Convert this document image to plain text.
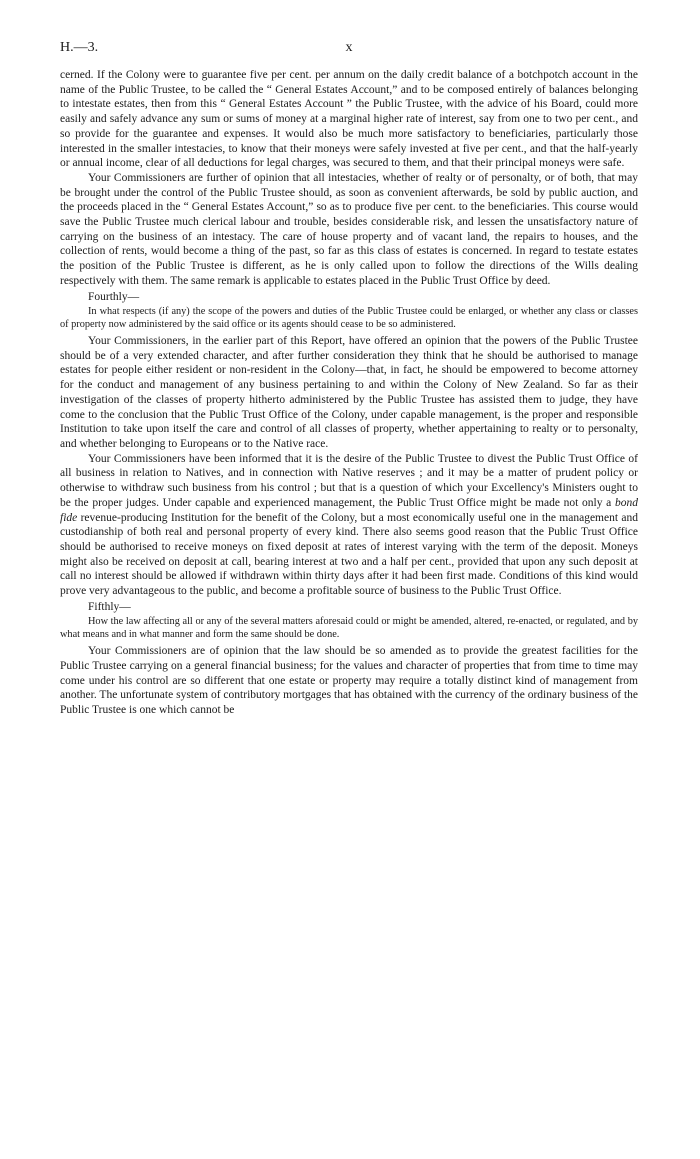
H.—3.	x

cerned. If the Colony were to guarantee five per cent. per annum on the daily credit balance of a botchpotch account in the name of the Public Trustee, to be called the “ General Estates Account,” and to be composed entirely of balances belonging to intestate estates, then from this “ General Estates Account ” the Public Trustee, with the advice of his Board, could more easily and safely advance any sum or sums of money at a marginal higher rate of interest, say from one to two per cent., and so provide for the guarantee and expenses. It would also be much more satisfactory to beneficiaries, particularly those interested in the smaller intestacies, to know that their moneys were safely invested at five per cent., and that the half-yearly or annual income, clear of all deductions for legal charges, was secured to them, and that their principal moneys were safe.

Your Commissioners are further of opinion that all intestacies, whether of realty or of personalty, or of both, that may be brought under the control of the Public Trustee should, as soon as convenient afterwards, be sold by public auction, and the proceeds placed in the “ General Estates Account,” so as to produce five per cent. to the beneficiaries. This course would save the Public Trustee much clerical labour and trouble, besides considerable risk, and lessen the unsatisfactory nature of carrying on the business of an intestacy. The care of house property and of vacant land, the repairs to houses, and the collection of rents, would become a thing of the past, so far as this class of estates is concerned. In regard to testate estates the position of the Public Trustee is different, as he is only called upon to follow the directions of the Wills dealing respectively with them. The same remark is applicable to estates placed in the Public Trust Office by deed.

Fourthly—

In what respects (if any) the scope of the powers and duties of the Public Trustee could be enlarged, or whether any class or classes of property now administered by the said office or its agents should cease to be so administered.

Your Commissioners, in the earlier part of this Report, have offered an opinion that the powers of the Public Trustee should be of a very extended character, and after further consideration they think that he should be authorised to manage estates for people either resident or non-resident in the Colony—that, in fact, he should be empowered to become attorney for the conduct and management of any business pertaining to and within the Colony of New Zealand. So far as their investigation of the classes of property hitherto administered by the Public Trustee has assisted them to judge, they have come to the conclusion that the Public Trust Office of the Colony, under capable management, is the proper and responsible Institution to take upon itself the care and control of all classes of property, whether appertaining to realty or to personalty, and whether belonging to Europeans or to the Native race.

Your Commissioners have been informed that it is the desire of the Public Trustee to divest the Public Trust Office of all business in relation to Natives, and in connection with Native reserves ; and it may be a matter of prudent policy or otherwise to withdraw such business from his control ; but that is a question of which your Excellency's Ministers ought to be the proper judges. Under capable and experienced management, the Public Trust Office might be made not only a bond fide revenue-producing Institution for the benefit of the Colony, but a most economically useful one in the management and custodianship of both real and personal property of every kind. There also seems good reason that the Public Trust Office should be authorised to receive moneys on fixed deposit at rates of interest varying with the term of the deposit. Moneys might also be received on deposit at call, bearing interest at two and a half per cent., provided that upon any such deposit at call no interest should be allowed if withdrawn within thirty days after it had been first made. Conditions of this kind would prove very advantageous to the public, and become a profitable source of business to the Public Trust Office.

Fifthly—

How the law affecting all or any of the several matters aforesaid could or might be amended, altered, re-enacted, or regulated, and by what means and in what manner and form the same should be done.

Your Commissioners are of opinion that the law should be so amended as to provide the greatest facilities for the Public Trustee carrying on a general financial business; for the values and character of properties that from time to time may come under his control are so different that one estate or property may require a totally distinct kind of management from another. The unfortunate system of contributory mortgages that has obtained with the currency of the ordinary business of the Public Trustee is one which cannot be
